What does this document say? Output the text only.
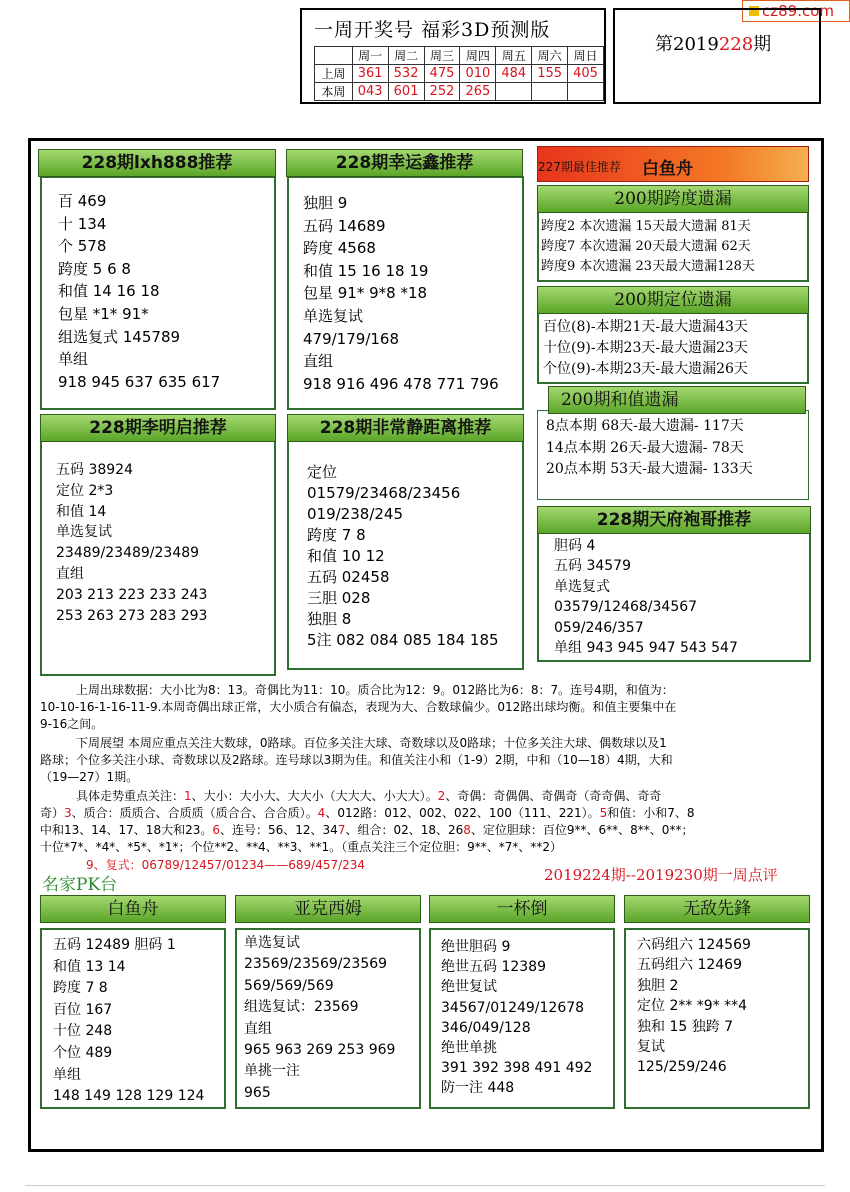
cz89.com
一周开奖号 福彩3D预测版
	周一	周二	周三	周四	周五	周六	周日
上周	361	532	475	010	484	155	405
本周	043	601	252	265			
第2019228期
228期lxh888推荐
百 469
十 134
个 578
跨度 5 6 8
和值 14 16 18
包星 *1* 91*
组选复式 145789
单组
918 945 637 635 617
228期幸运鑫推荐
独胆 9
五码 14689
跨度 4568
和值 15 16 18 19
包星 91* 9*8 *18
单选复试
479/179/168
直组
918 916 496 478 771 796
228期李明启推荐
五码 38924
定位 2*3
和值 14
单选复试
23489/23489/23489
直组
203 213 223 233 243
253 263 273 283 293
228期非常静距离推荐
定位
01579/23468/23456
019/238/245
跨度 7 8
和值 10 12
五码 02458
三胆 028
独胆 8
5注 082 084 085 184 185
227期最佳推荐 白鱼舟
200期跨度遗漏
跨度2 本次遗漏 15天最大遗漏 81天
跨度7 本次遗漏 20天最大遗漏 62天
跨度9 本次遗漏 23天最大遗漏128天
200期定位遗漏
百位(8)-本期21天-最大遗漏43天
十位(9)-本期23天-最大遗漏23天
个位(9)-本期23天-最大遗漏26天
200期和值遗漏
8点本期 68天-最大遗漏- 117天
14点本期 26天-最大遗漏- 78天
20点本期 53天-最大遗漏- 133天
228期天府袍哥推荐
胆码 4
五码 34579
单选复式
03579/12468/34567
059/246/357
单组 943 945 947 543 547
上周出球数据：大小比为8：13。奇偶比为11：10。质合比为12：9。012路比为6：8：7。连号4期，和值为：
10-10-16-1-16-11-9.本周奇偶出球正常，大小质合有偏态，表现为大、合数球偏少。012路出球均衡。和值主要集中在
9-16之间。
下周展望 本周应重点关注大数球，0路球。百位多关注大球、奇数球以及0路球；十位多关注大球、偶数球以及1
路球；个位多关注小球、奇数球以及2路球。连号球以3期为佳。和值关注小和（1-9）2期，中和（10—18）4期，大和
（19—27）1期。
具体走势重点关注：1、大小：大小大、大大小（大大大、小大大）。2、奇偶：奇偶偶、奇偶奇（奇奇偶、奇奇
奇）3、质合：质质合、合质质（质合合、合合质）。4、012路：012、002、022、100（111、221）。5和值：小和7、8
中和13、14、17、18大和23。6、连号：56、12、347、组合：02、18、268、定位胆球：百位9**、6**、8**、0**；
十位*7*、*4*、*5*、*1*；个位**2、**4、**3、**1。（重点关注三个定位胆：9**、*7*、**2）
9、复式：06789/12457/01234——689/457/234
名家PK台	2019224期--2019230期一周点评
白鱼舟
五码 12489 胆码 1
和值 13 14
跨度 7 8
百位 167
十位 248
个位 489
单组
148 149 128 129 124
亚克西姆
单选复试
23569/23569/23569
569/569/569
组选复试：23569
直组
965 963 269 253 969
单挑一注
965
一杯倒
绝世胆码 9
绝世五码 12389
绝世复试
34567/01249/12678
346/049/128
绝世单挑
391 392 398 491 492
防一注 448
无敌先鋒
六码组六 124569
五码组六 12469
独胆 2
定位 2** *9* **4
独和 15 独跨 7
复试
125/259/246
